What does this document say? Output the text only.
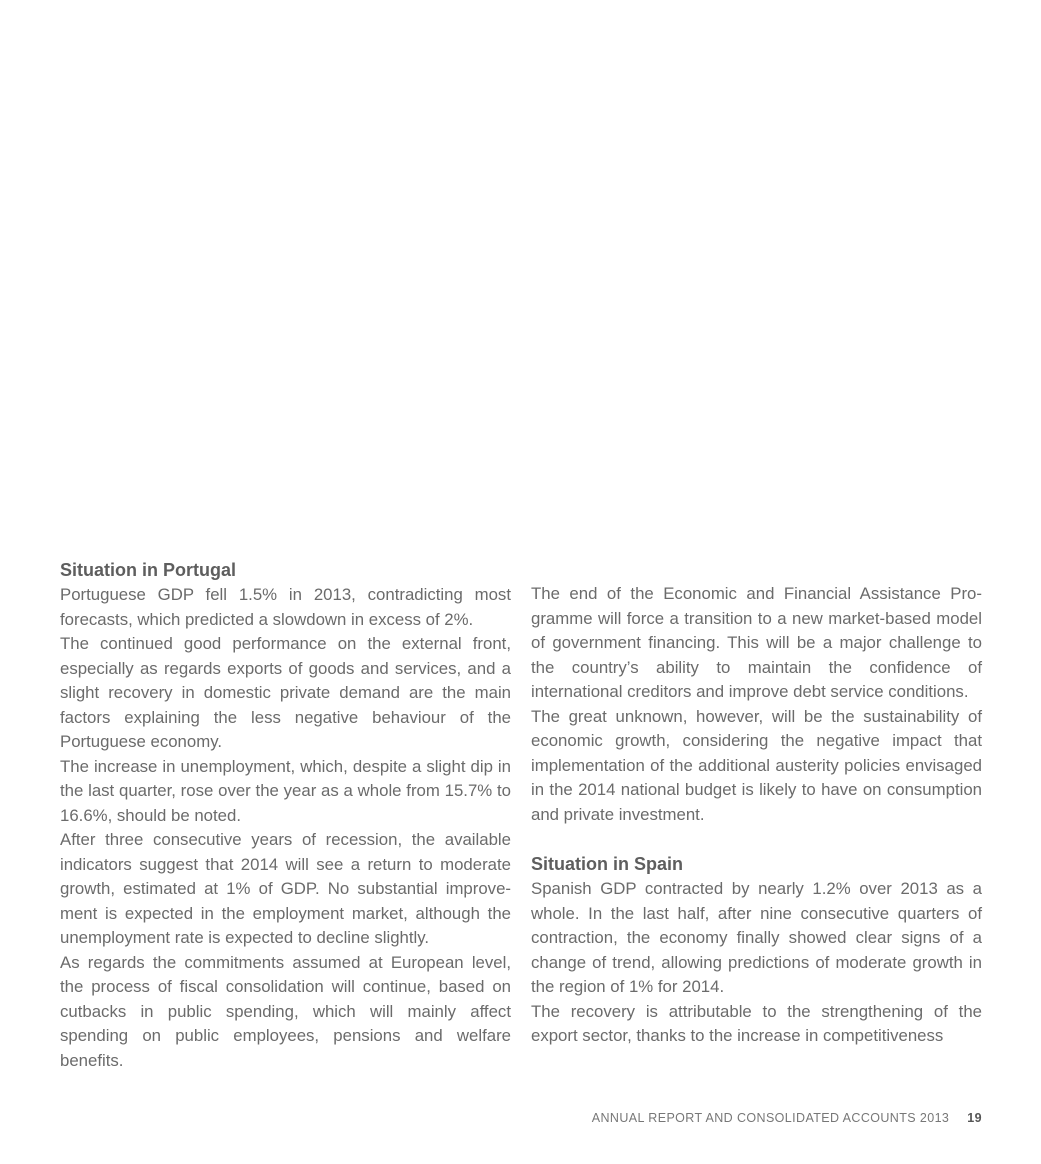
Situation in Portugal

Portuguese GDP fell 1.5% in 2013, contradicting most forecasts, which predicted a slowdown in excess of 2%.

The continued good performance on the external front, especially as regards exports of goods and services, and a slight recovery in domestic private demand are the main factors explaining the less negative behaviour of the Portuguese economy.

The increase in unemployment, which, despite a slight dip in the last quarter, rose over the year as a whole from 15.7% to 16.6%, should be noted.

After three consecutive years of recession, the available indicators suggest that 2014 will see a return to moderate growth, estimated at 1% of GDP. No substantial improvement is expected in the employment market, although the unemployment rate is expected to decline slightly.

As regards the commitments assumed at European level, the process of fiscal consolidation will continue, based on cutbacks in public spending, which will mainly affect spending on public employees, pensions and welfare benefits.

The end of the Economic and Financial Assistance Programme will force a transition to a new market-based model of government financing. This will be a major challenge to the country’s ability to maintain the confidence of international creditors and improve debt service conditions.

The great unknown, however, will be the sustainability of economic growth, considering the negative impact that implementation of the additional austerity policies envisaged in the 2014 national budget is likely to have on consumption and private investment.

Situation in Spain

Spanish GDP contracted by nearly 1.2% over 2013 as a whole. In the last half, after nine consecutive quarters of contraction, the economy finally showed clear signs of a change of trend, allowing predictions of moderate growth in the region of 1% for 2014.

The recovery is attributable to the strengthening of the export sector, thanks to the increase in competitiveness

ANNUAL REPORT AND CONSOLIDATED ACCOUNTS 2013 19
